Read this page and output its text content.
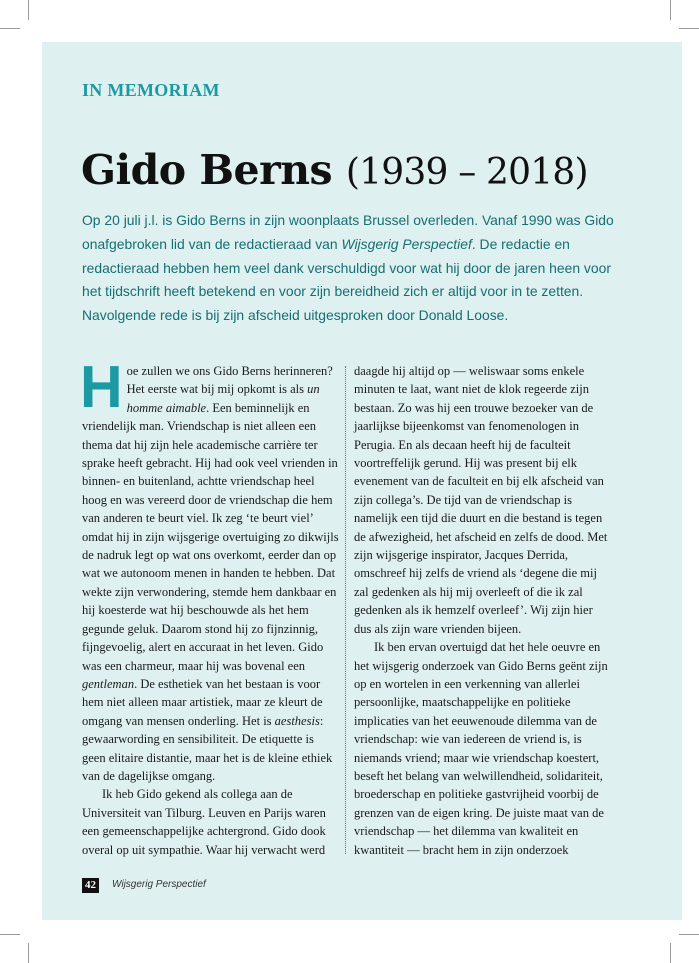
IN MEMORIAM
Gido Berns (1939 – 2018)

Op 20 juli j.l. is Gido Berns in zijn woonplaats Brussel overleden. Vanaf 1990 was Gido onafgebroken lid van de redactieraad van Wijsgerig Perspectief. De redactie en redactieraad hebben hem veel dank verschuldigd voor wat hij door de jaren heen voor het tijdschrift heeft betekend en voor zijn bereidheid zich er altijd voor in te zetten. Navolgende rede is bij zijn afscheid uitgesproken door Donald Loose.

Hoe zullen we ons Gido Berns herinneren? Het eerste wat bij mij opkomt is als un homme aimable. Een beminnelijk en vriendelijk man. Vriendschap is niet alleen een thema dat hij zijn hele academische carrière ter sprake heeft gebracht. Hij had ook veel vrienden in binnen- en buitenland, achtte vriendschap heel hoog en was vereerd door de vriendschap die hem van anderen te beurt viel. Ik zeg ‘te beurt viel’ omdat hij in zijn wijsgerige overtuiging zo dikwijls de nadruk legt op wat ons overkomt, eerder dan op wat we autonoom menen in handen te hebben. Dat wekte zijn verwondering, stemde hem dankbaar en hij koesterde wat hij beschouwde als het hem gegunde geluk. Daarom stond hij zo fijnzinnig, fijngevoelig, alert en accuraat in het leven. Gido was een charmeur, maar hij was bovenal een gentleman. De esthetiek van het bestaan is voor hem niet alleen maar artistiek, maar ze kleurt de omgang van mensen onderling. Het is aesthesis: gewaarwording en sensibiliteit. De etiquette is geen elitaire distantie, maar het is de kleine ethiek van de dagelijkse omgang.

Ik heb Gido gekend als collega aan de Universiteit van Tilburg. Leuven en Parijs waren een gemeenschappelijke achtergrond. Gido dook overal op uit sympathie. Waar hij verwacht werd

daagde hij altijd op — weliswaar soms enkele minuten te laat, want niet de klok regeerde zijn bestaan. Zo was hij een trouwe bezoeker van de jaarlijkse bijeenkomst van fenomenologen in Perugia. En als decaan heeft hij de faculteit voortreffelijk gerund. Hij was present bij elk evenement van de faculteit en bij elk afscheid van zijn collega’s. De tijd van de vriendschap is namelijk een tijd die duurt en die bestand is tegen de afwezigheid, het afscheid en zelfs de dood. Met zijn wijsgerige inspirator, Jacques Derrida, omschreef hij zelfs de vriend als ‘degene die mij zal gedenken als hij mij overleeft of die ik zal gedenken als ik hemzelf overleef’. Wij zijn hier dus als zijn ware vrienden bijeen.

Ik ben ervan overtuigd dat het hele oeuvre en het wijsgerig onderzoek van Gido Berns geënt zijn op en wortelen in een verkenning van allerlei persoonlijke, maatschappelijke en politieke implicaties van het eeuwenoude dilemma van de vriendschap: wie van iedereen de vriend is, is niemands vriend; maar wie vriendschap koestert, beseft het belang van welwillendheid, solidariteit, broederschap en politieke gastvrijheid voorbij de grenzen van de eigen kring. De juiste maat van de vriendschap — het dilemma van kwaliteit en kwantiteit — bracht hem in zijn onderzoek

42	Wijsgerig Perspectief
